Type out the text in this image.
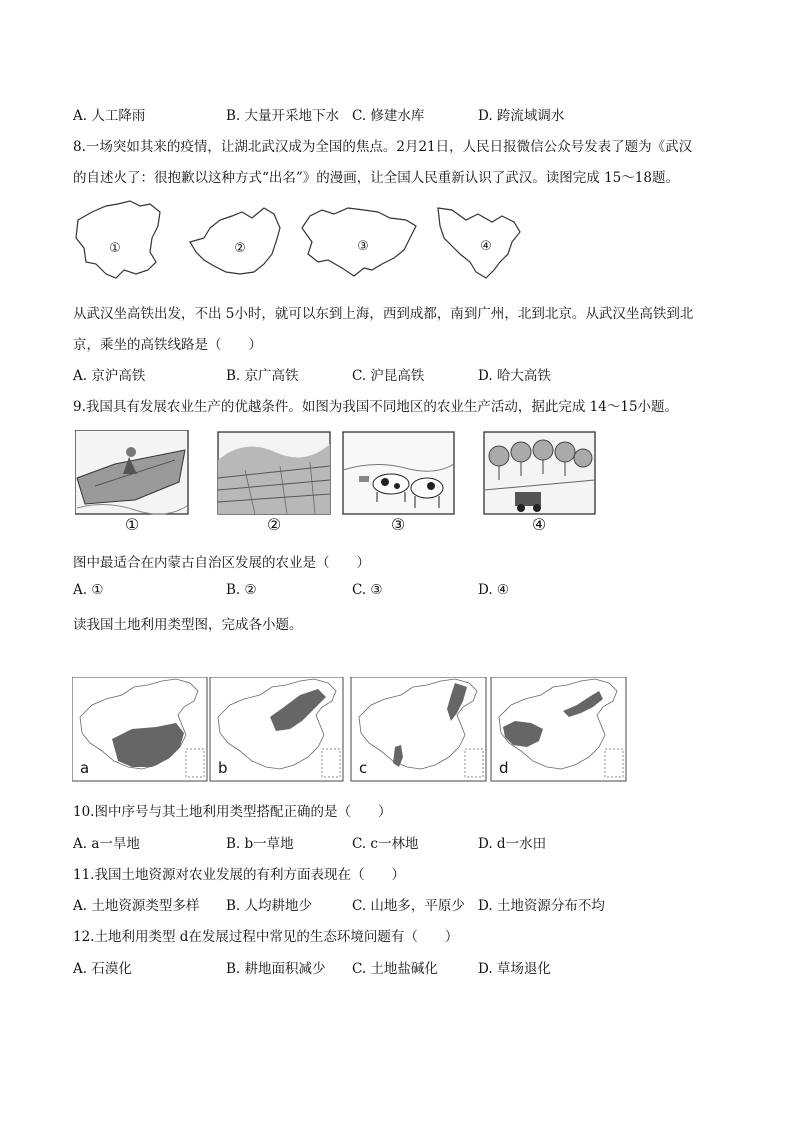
A. 人工降雨	B. 大量开采地下水 C. 修建水库	D. 跨流域调水
8.一场突如其来的疫情，让湖北武汉成为全国的焦点。2月21日，人民日报微信公众号发表了题为《武汉
的自述火了：很抱歉以这种方式“出名”》的漫画，让全国人民重新认识了武汉。读图完成 15～18题。
①	②	③	④
从武汉坐高铁出发，不出 5小时，就可以东到上海，西到成都，南到广州，北到北京。从武汉坐高铁到北
京，乘坐的高铁线路是（　　）
A. 京沪高铁	B. 京广高铁	C. 沪昆高铁	D. 哈大高铁
9.我国具有发展农业生产的优越条件。如图为我国不同地区的农业生产活动，据此完成 14～15小题。
①	②	③	④
图中最适合在内蒙古自治区发展的农业是（　　）
A. ①	B. ②	C. ③	D. ④
读我国土地利用类型图，完成各小题。
a	b	c	d
10.图中序号与其土地利用类型搭配正确的是（　　）
A. a一旱地	B. b一草地	C. c一林地	D. d一水田
11.我国土地资源对农业发展的有利方面表现在（　　）
A. 土地资源类型多样 B. 人均耕地少	C. 山地多，平原少 D. 土地资源分布不均
12.土地利用类型 d在发展过程中常见的生态环境问题有（　　）
A. 石漠化	B. 耕地面积减少 C. 土地盐碱化	D. 草场退化
